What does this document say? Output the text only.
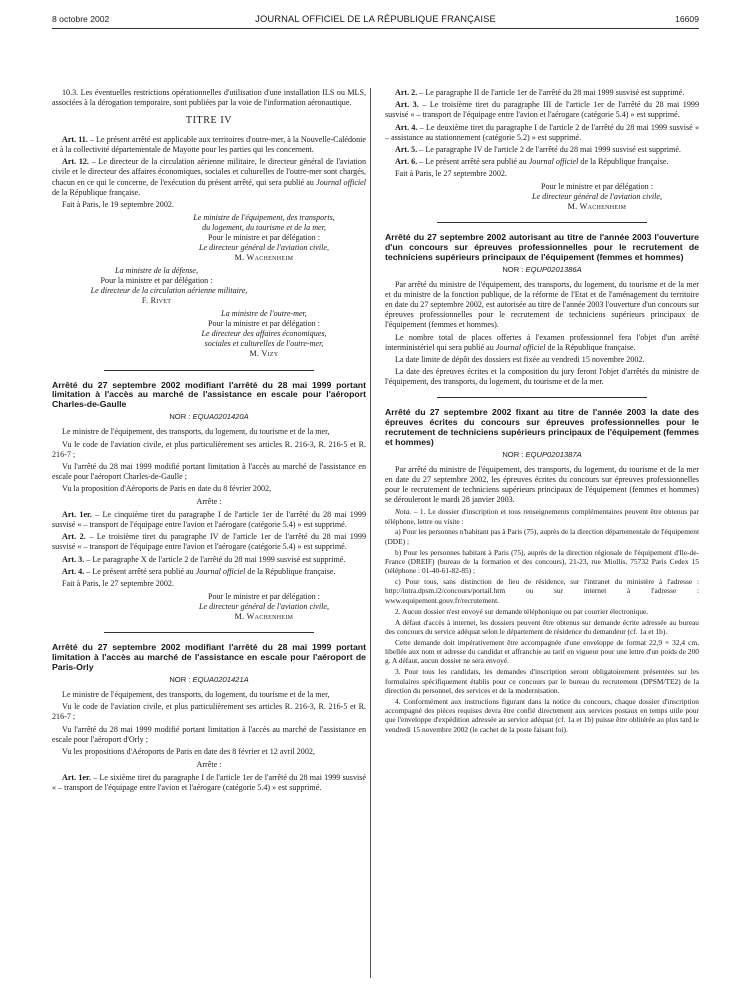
8 octobre 2002	JOURNAL OFFICIEL DE LA RÉPUBLIQUE FRANÇAISE	16609

10.3. Les éventuelles restrictions opérationnelles d'utilisation d'une installation ILS ou MLS, associées à la dérogation temporaire, sont publiées par la voie de l'information aéronautique.

TITRE IV

Art. 11. – Le présent arrêté est applicable aux territoires d'outre-mer, à la Nouvelle-Calédonie et à la collectivité départementale de Mayotte pour les parties qui les concernent.

Art. 12. – Le directeur de la circulation aérienne militaire, le directeur général de l'aviation civile et le directeur des affaires économiques, sociales et culturelles de l'outre-mer sont chargés, chacun en ce qui le concerne, de l'exécution du présent arrêté, qui sera publié au Journal officiel de la République française.

Fait à Paris, le 19 septembre 2002.

Le ministre de l'équipement, des transports,

du logement, du tourisme et de la mer,

Pour le ministre et par délégation :

Le directeur général de l'aviation civile,

M. Wachenheim

La ministre de la défense,

Pour la ministre et par délégation :

Le directeur de la circulation aérienne militaire,

F. Rivet

La ministre de l'outre-mer,

Pour la ministre et par délégation :

Le directeur des affaires économiques,

sociales et culturelles de l'outre-mer,

M. Vizy

Arrêté du 27 septembre 2002 modifiant l'arrêté du 28 mai 1999 portant limitation à l'accès au marché de l'assistance en escale pour l'aéroport Charles-de-Gaulle

NOR : EQUA0201420A

Le ministre de l'équipement, des transports, du logement, du tourisme et de la mer,

Vu le code de l'aviation civile, et plus particulièrement ses articles R. 216-3, R. 216-5 et R. 216-7 ;

Vu l'arrêté du 28 mai 1999 modifié portant limitation à l'accès au marché de l'assistance en escale pour l'aéroport Charles-de-Gaulle ;

Vu la proposition d'Aéroports de Paris en date du 8 février 2002,

Arrête :

Art. 1er. – Le cinquième tiret du paragraphe I de l'article 1er de l'arrêté du 28 mai 1999 susvisé « – transport de l'équipage entre l'avion et l'aérogare (catégorie 5.4) » est supprimé.

Art. 2. – Le troisième tiret du paragraphe IV de l'article 1er de l'arrêté du 28 mai 1999 susvisé « – transport de l'équipage entre l'avion et l'aérogare (catégorie 5.4) » est supprimé.

Art. 3. – Le paragraphe X de l'article 2 de l'arrêté du 28 mai 1999 susvisé est supprimé.

Art. 4. – Le présent arrêté sera publié au Journal officiel de la République française.

Fait à Paris, le 27 septembre 2002.

Pour le ministre et par délégation :

Le directeur général de l'aviation civile,

M. Wachenheim

Arrêté du 27 septembre 2002 modifiant l'arrêté du 28 mai 1999 portant limitation à l'accès au marché de l'assistance en escale pour l'aéroport de Paris-Orly

NOR : EQUA0201421A

Le ministre de l'équipement, des transports, du logement, du tourisme et de la mer,

Vu le code de l'aviation civile, et plus particulièrement ses articles R. 216-3, R. 216-5 et R. 216-7 ;

Vu l'arrêté du 28 mai 1999 modifié portant limitation à l'accès au marché de l'assistance en escale pour l'aéroport d'Orly ;

Vu les propositions d'Aéroports de Paris en date des 8 février et 12 avril 2002,

Arrête :

Art. 1er. – Le sixième tiret du paragraphe I de l'article 1er de l'arrêté du 28 mai 1999 susvisé « – transport de l'équipage entre l'avion et l'aérogare (catégorie 5.4) » est supprimé.

Art. 2. – Le paragraphe II de l'article 1er de l'arrêté du 28 mai 1999 susvisé est supprimé.

Art. 3. – Le troisième tiret du paragraphe III de l'article 1er de l'arrêté du 28 mai 1999 susvisé « – transport de l'équipage entre l'avion et l'aérogare (catégorie 5.4) » est supprimé.

Art. 4. – Le deuxième tiret du paragraphe I de l'article 2 de l'arrêté du 28 mai 1999 susvisé « – assistance au stationnement (catégorie 5.2) » est supprimé.

Art. 5. – Le paragraphe IV de l'article 2 de l'arrêté du 28 mai 1999 susvisé est supprimé.

Art. 6. – Le présent arrêté sera publié au Journal officiel de la République française.

Fait à Paris, le 27 septembre 2002.

Pour le ministre et par délégation :

Le directeur général de l'aviation civile,

M. Wachenheim

Arrêté du 27 septembre 2002 autorisant au titre de l'année 2003 l'ouverture d'un concours sur épreuves professionnelles pour le recrutement de techniciens supérieurs principaux de l'équipement (femmes et hommes)

NOR : EQUP0201386A

Par arrêté du ministre de l'équipement, des transports, du logement, du tourisme et de la mer et du ministre de la fonction publique, de la réforme de l'Etat et de l'aménagement du territoire en date du 27 septembre 2002, est autorisée au titre de l'année 2003 l'ouverture d'un concours sur épreuves professionnelles pour le recrutement de techniciens supérieurs principaux de l'équipement (femmes et hommes).

Le nombre total de places offertes à l'examen professionnel fera l'objet d'un arrêté interministériel qui sera publié au Journal officiel de la République française.

La date limite de dépôt des dossiers est fixée au vendredi 15 novembre 2002.

La date des épreuves écrites et la composition du jury feront l'objet d'arrêtés du ministre de l'équipement, des transports, du logement, du tourisme et de la mer.

Arrêté du 27 septembre 2002 fixant au titre de l'année 2003 la date des épreuves écrites du concours sur épreuves professionnelles pour le recrutement de techniciens supérieurs principaux de l'équipement (femmes et hommes)

NOR : EQUP0201387A

Par arrêté du ministre de l'équipement, des transports, du logement, du tourisme et de la mer en date du 27 septembre 2002, les épreuves écrites du concours sur épreuves professionnelles pour le recrutement de techniciens supérieurs principaux de l'équipement (femmes et hommes) se dérouleront le mardi 28 janvier 2003.

Nota. – 1. Le dossier d'inscription et tous renseignements complémentaires peuvent être obtenus par téléphone, lettre ou visite :

a) Pour les personnes n'habitant pas à Paris (75), auprès de la direction départementale de l'équipement (DDE) ;

b) Pour les personnes habitant à Paris (75), auprès de la direction régionale de l'équipement d'Ile-de-France (DREIF) (bureau de la formation et des concours), 21-23, rue Miollis, 75732 Paris Cedex 15 (téléphone : 01-40-61-82-85) ;

c) Pour tous, sans distinction de lieu de résidence, sur l'intranet du ministère à l'adresse : http://intra.dpsm.i2/concours/portail.htm ou sur internet à l'adresse : www.equipement.gouv.fr/recrutement.

2. Aucun dossier n'est envoyé sur demande téléphonique ou par courrier électronique.

A défaut d'accès à internet, les dossiers peuvent être obtenus sur demande écrite adressée au bureau des concours du service adéquat selon le département de résidence du demandeur (cf. 1a et 1b).

Cette demande doit impérativement être accompagnée d'une enveloppe de format 22,9 × 32,4 cm, libellée aux nom et adresse du candidat et affranchie au tarif en vigueur pour une lettre d'un poids de 200 g. A défaut, aucun dossier ne sera envoyé.

3. Pour tous les candidats, les demandes d'inscription seront obligatoirement présentées sur les formulaires spécifiquement établis pour ce concours par le bureau du recrutement (DPSM/TE2) de la direction du personnel, des services et de la modernisation.

4. Conformément aux instructions figurant dans la notice du concours, chaque dossier d'inscription accompagné des pièces requises devra être confié directement aux services postaux en temps utile pour que l'enveloppe d'expédition adressée au service adéquat (cf. 1a et 1b) puisse être oblitérée au plus tard le vendredi 15 novembre 2002 (le cachet de la poste faisant foi).
